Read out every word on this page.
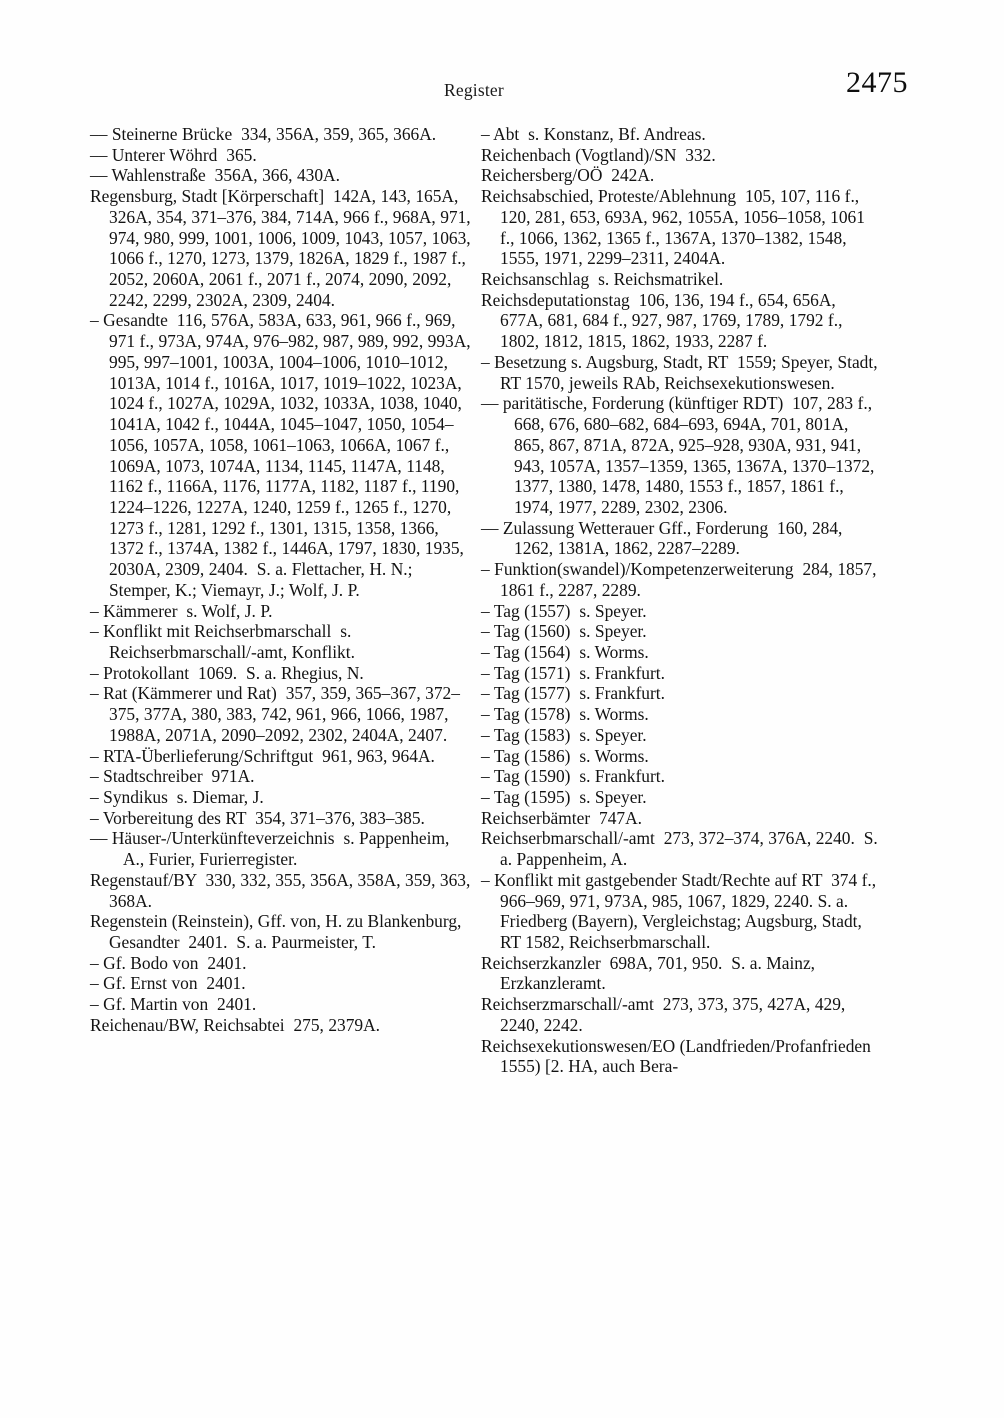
Register	2475
–– Steinerne Brücke  334, 356A, 359, 365, 366A.
–– Unterer Wöhrd  365.
–– Wahlenstraße  356A, 366, 430A.
Regensburg, Stadt [Körperschaft]  142A, 143, 165A, 326A, 354, 371–376, 384, 714A, 966 f., 968A, 971, 974, 980, 999, 1001, 1006, 1009, 1043, 1057, 1063, 1066 f., 1270, 1273, 1379, 1826A, 1829 f., 1987 f., 2052, 2060A, 2061 f., 2071 f., 2074, 2090, 2092, 2242, 2299, 2302A, 2309, 2404.
– Gesandte  116, 576A, 583A, 633, 961, 966 f., 969, 971 f., 973A, 974A, 976–982, 987, 989, 992, 993A, 995, 997–1001, 1003A, 1004–1006, 1010–1012, 1013A, 1014 f., 1016A, 1017, 1019–1022, 1023A, 1024 f., 1027A, 1029A, 1032, 1033A, 1038, 1040, 1041A, 1042 f., 1044A, 1045–1047, 1050, 1054–1056, 1057A, 1058, 1061–1063, 1066A, 1067 f., 1069A, 1073, 1074A, 1134, 1145, 1147A, 1148, 1162 f., 1166A, 1176, 1177A, 1182, 1187 f., 1190, 1224–1226, 1227A, 1240, 1259 f., 1265 f., 1270, 1273 f., 1281, 1292 f., 1301, 1315, 1358, 1366, 1372 f., 1374A, 1382 f., 1446A, 1797, 1830, 1935, 2030A, 2309, 2404.  S. a. Flettacher, H. N.; Stemper, K.; Viemayr, J.; Wolf, J. P.
– Kämmerer  s. Wolf, J. P.
– Konflikt mit Reichserbmarschall  s. Reichserbmarschall/-amt, Konflikt.
– Protokollant  1069.  S. a. Rhegius, N.
– Rat (Kämmerer und Rat)  357, 359, 365–367, 372–375, 377A, 380, 383, 742, 961, 966, 1066, 1987, 1988A, 2071A, 2090–2092, 2302, 2404A, 2407.
– RTA-Überlieferung/Schriftgut  961, 963, 964A.
– Stadtschreiber  971A.
– Syndikus  s. Diemar, J.
– Vorbereitung des RT  354, 371–376, 383–385.
–– Häuser-/Unterkünfteverzeichnis  s. Pappenheim, A., Furier, Furierregister.
Regenstauf/BY  330, 332, 355, 356A, 358A, 359, 363, 368A.
Regenstein (Reinstein), Gff. von, H. zu Blankenburg, Gesandter  2401.  S. a. Paurmeister, T.
– Gf. Bodo von  2401.
– Gf. Ernst von  2401.
– Gf. Martin von  2401.
Reichenau/BW, Reichsabtei  275, 2379A.
– Abt  s. Konstanz, Bf. Andreas.
Reichenbach (Vogtland)/SN  332.
Reichersberg/OÖ  242A.
Reichsabschied, Proteste/Ablehnung  105, 107, 116 f., 120, 281, 653, 693A, 962, 1055A, 1056–1058, 1061 f., 1066, 1362, 1365 f., 1367A, 1370–1382, 1548, 1555, 1971, 2299–2311, 2404A.
Reichsanschlag  s. Reichsmatrikel.
Reichsdeputationstag  106, 136, 194 f., 654, 656A, 677A, 681, 684 f., 927, 987, 1769, 1789, 1792 f., 1802, 1812, 1815, 1862, 1933, 2287 f.
– Besetzung s. Augsburg, Stadt, RT  1559; Speyer, Stadt, RT 1570, jeweils RAb, Reichsexekutionswesen.
–– paritätische, Forderung (künftiger RDT)  107, 283 f., 668, 676, 680–682, 684–693, 694A, 701, 801A, 865, 867, 871A, 872A, 925–928, 930A, 931, 941, 943, 1057A, 1357–1359, 1365, 1367A, 1370–1372, 1377, 1380, 1478, 1480, 1553 f., 1857, 1861 f., 1974, 1977, 2289, 2302, 2306.
–– Zulassung Wetterauer Gff., Forderung  160, 284, 1262, 1381A, 1862, 2287–2289.
– Funktion(swandel)/Kompetenzerweiterung  284, 1857, 1861 f., 2287, 2289.
– Tag (1557)  s. Speyer.
– Tag (1560)  s. Speyer.
– Tag (1564)  s. Worms.
– Tag (1571)  s. Frankfurt.
– Tag (1577)  s. Frankfurt.
– Tag (1578)  s. Worms.
– Tag (1583)  s. Speyer.
– Tag (1586)  s. Worms.
– Tag (1590)  s. Frankfurt.
– Tag (1595)  s. Speyer.
Reichserbämter  747A.
Reichserbmarschall/-amt  273, 372–374, 376A, 2240.  S. a. Pappenheim, A.
– Konflikt mit gastgebender Stadt/Rechte auf RT  374 f., 966–969, 971, 973A, 985, 1067, 1829, 2240. S. a. Friedberg (Bayern), Vergleichstag; Augsburg, Stadt, RT 1582, Reichserbmarschall.
Reichserzkanzler  698A, 701, 950.  S. a. Mainz, Erzkanzleramt.
Reichserzmarschall/-amt  273, 373, 375, 427A, 429, 2240, 2242.
Reichsexekutionswesen/EO (Landfrieden/Profanfrieden 1555) [2. HA, auch Bera-
